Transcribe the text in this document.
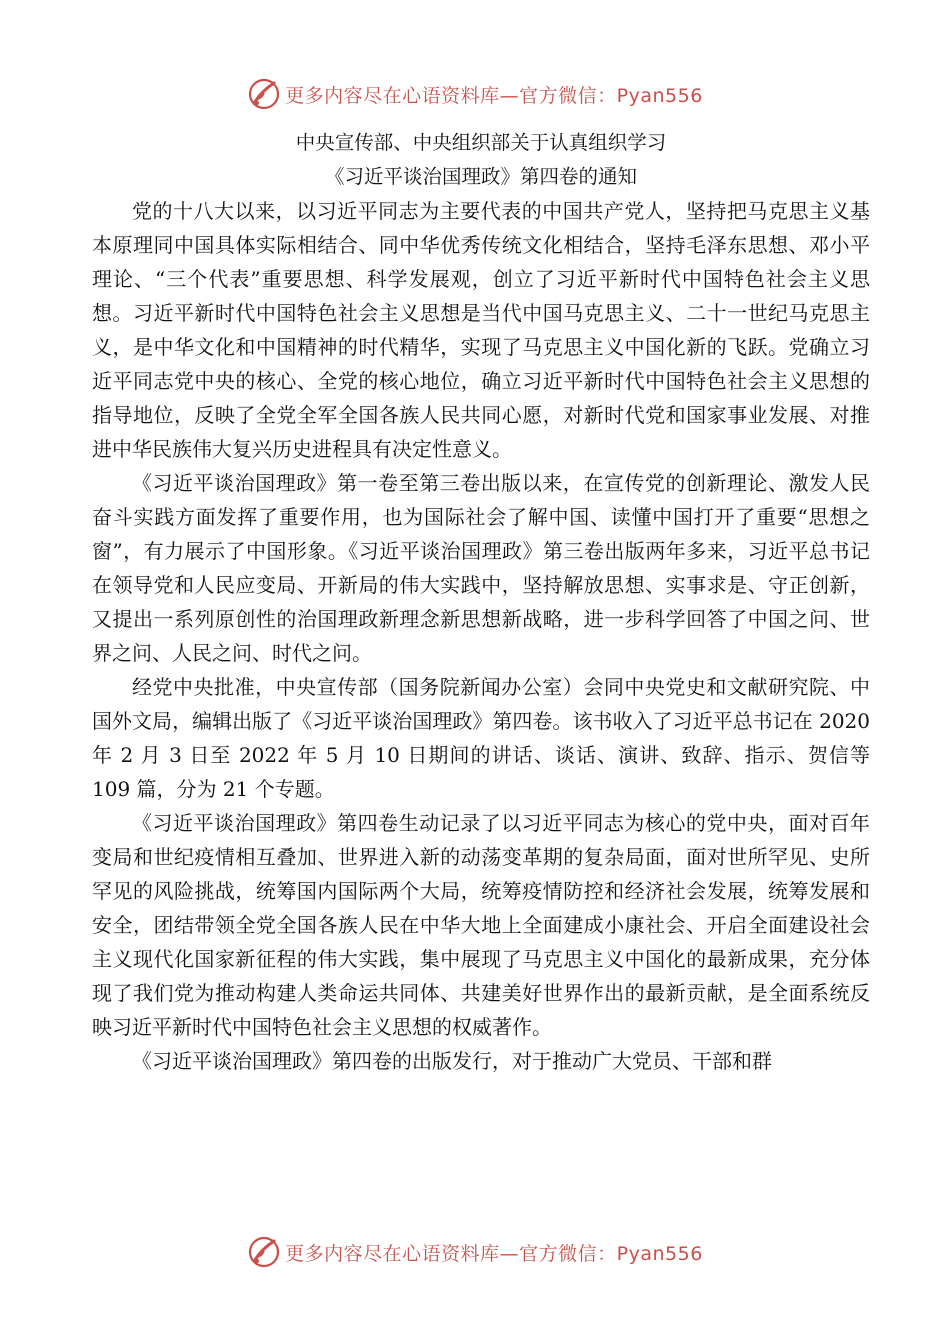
更多内容尽在心语资料库—官方微信：Pyan556

中央宣传部、中央组织部关于认真组织学习

《习近平谈治国理政》第四卷的通知

党的十八大以来，以习近平同志为主要代表的中国共产党人，坚持把马克思主义基本原理同中国具体实际相结合、同中华优秀传统文化相结合，坚持毛泽东思想、邓小平理论、“三个代表”重要思想、科学发展观，创立了习近平新时代中国特色社会主义思想。习近平新时代中国特色社会主义思想是当代中国马克思主义、二十一世纪马克思主义，是中华文化和中国精神的时代精华，实现了马克思主义中国化新的飞跃。党确立习近平同志党中央的核心、全党的核心地位，确立习近平新时代中国特色社会主义思想的指导地位，反映了全党全军全国各族人民共同心愿，对新时代党和国家事业发展、对推进中华民族伟大复兴历史进程具有决定性意义。

《习近平谈治国理政》第一卷至第三卷出版以来，在宣传党的创新理论、激发人民奋斗实践方面发挥了重要作用，也为国际社会了解中国、读懂中国打开了重要“思想之窗”，有力展示了中国形象。《习近平谈治国理政》第三卷出版两年多来，习近平总书记在领导党和人民应变局、开新局的伟大实践中，坚持解放思想、实事求是、守正创新，又提出一系列原创性的治国理政新理念新思想新战略，进一步科学回答了中国之问、世界之问、人民之问、时代之问。

经党中央批准，中央宣传部（国务院新闻办公室）会同中央党史和文献研究院、中国外文局，编辑出版了《习近平谈治国理政》第四卷。该书收入了习近平总书记在 2020 年 2 月 3 日至 2022 年 5 月 10 日期间的讲话、谈话、演讲、致辞、指示、贺信等 109 篇，分为 21 个专题。

《习近平谈治国理政》第四卷生动记录了以习近平同志为核心的党中央，面对百年变局和世纪疫情相互叠加、世界进入新的动荡变革期的复杂局面，面对世所罕见、史所罕见的风险挑战，统筹国内国际两个大局，统筹疫情防控和经济社会发展，统筹发展和安全，团结带领全党全国各族人民在中华大地上全面建成小康社会、开启全面建设社会主义现代化国家新征程的伟大实践，集中展现了马克思主义中国化的最新成果，充分体现了我们党为推动构建人类命运共同体、共建美好世界作出的最新贡献，是全面系统反映习近平新时代中国特色社会主义思想的权威著作。

《习近平谈治国理政》第四卷的出版发行，对于推动广大党员、干部和群

更多内容尽在心语资料库—官方微信：Pyan556
